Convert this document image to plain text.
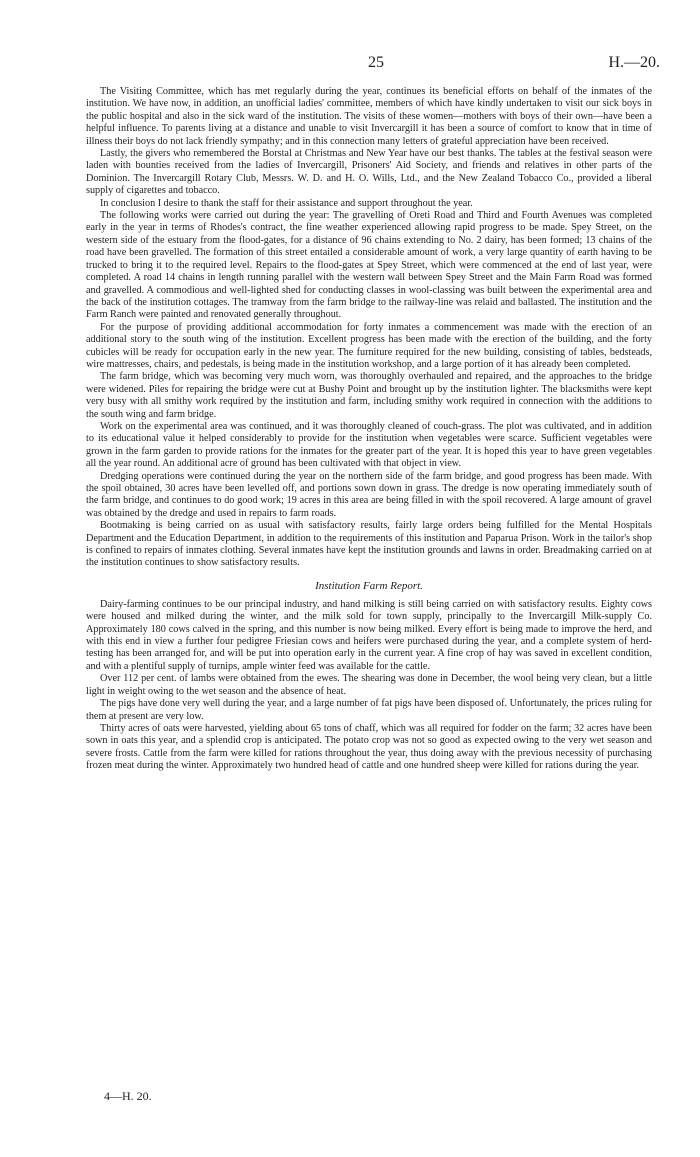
25	H.—20.

The Visiting Committee, which has met regularly during the year, continues its beneficial efforts on behalf of the inmates of the institution. We have now, in addition, an unofficial ladies' committee, members of which have kindly undertaken to visit our sick boys in the public hospital and also in the sick ward of the institution. The visits of these women—mothers with boys of their own—have been a helpful influence. To parents living at a distance and unable to visit Invercargill it has been a source of comfort to know that in time of illness their boys do not lack friendly sympathy; and in this connection many letters of grateful appreciation have been received.

Lastly, the givers who remembered the Borstal at Christmas and New Year have our best thanks. The tables at the festival season were laden with bounties received from the ladies of Invercargill, Prisoners' Aid Society, and friends and relatives in other parts of the Dominion. The Invercargill Rotary Club, Messrs. W. D. and H. O. Wills, Ltd., and the New Zealand Tobacco Co., provided a liberal supply of cigarettes and tobacco.

In conclusion I desire to thank the staff for their assistance and support throughout the year.

The following works were carried out during the year: The gravelling of Oreti Road and Third and Fourth Avenues was completed early in the year in terms of Rhodes's contract, the fine weather experienced allowing rapid progress to be made. Spey Street, on the western side of the estuary from the flood-gates, for a distance of 96 chains extending to No. 2 dairy, has been formed; 13 chains of the road have been gravelled. The formation of this street entailed a considerable amount of work, a very large quantity of earth having to be trucked to bring it to the required level. Repairs to the flood-gates at Spey Street, which were commenced at the end of last year, were completed. A road 14 chains in length running parallel with the western wall between Spey Street and the Main Farm Road was formed and gravelled. A commodious and well-lighted shed for conducting classes in wool-classing was built between the experimental area and the back of the institution cottages. The tramway from the farm bridge to the railway-line was relaid and ballasted. The institution and the Farm Ranch were painted and renovated generally throughout.

For the purpose of providing additional accommodation for forty inmates a commencement was made with the erection of an additional story to the south wing of the institution. Excellent progress has been made with the erection of the building, and the forty cubicles will be ready for occupation early in the new year. The furniture required for the new building, consisting of tables, bedsteads, wire mattresses, chairs, and pedestals, is being made in the institution workshop, and a large portion of it has already been completed.

The farm bridge, which was becoming very much worn, was thoroughly overhauled and repaired, and the approaches to the bridge were widened. Piles for repairing the bridge were cut at Bushy Point and brought up by the institution lighter. The blacksmiths were kept very busy with all smithy work required by the institution and farm, including smithy work required in connection with the additions to the south wing and farm bridge.

Work on the experimental area was continued, and it was thoroughly cleaned of couch-grass. The plot was cultivated, and in addition to its educational value it helped considerably to provide for the institution when vegetables were scarce. Sufficient vegetables were grown in the farm garden to provide rations for the inmates for the greater part of the year. It is hoped this year to have green vegetables all the year round. An additional acre of ground has been cultivated with that object in view.

Dredging operations were continued during the year on the northern side of the farm bridge, and good progress has been made. With the spoil obtained, 30 acres have been levelled off, and portions sown down in grass. The dredge is now operating immediately south of the farm bridge, and continues to do good work; 19 acres in this area are being filled in with the spoil recovered. A large amount of gravel was obtained by the dredge and used in repairs to farm roads.

Bootmaking is being carried on as usual with satisfactory results, fairly large orders being fulfilled for the Mental Hospitals Department and the Education Department, in addition to the requirements of this institution and Paparua Prison. Work in the tailor's shop is confined to repairs of inmates clothing. Several inmates have kept the institution grounds and lawns in order. Breadmaking carried on at the institution continues to show satisfactory results.

Institution Farm Report.

Dairy-farming continues to be our principal industry, and hand milking is still being carried on with satisfactory results. Eighty cows were housed and milked during the winter, and the milk sold for town supply, principally to the Invercargill Milk-supply Co. Approximately 180 cows calved in the spring, and this number is now being milked. Every effort is being made to improve the herd, and with this end in view a further four pedigree Friesian cows and heifers were purchased during the year, and a complete system of herd-testing has been arranged for, and will be put into operation early in the current year. A fine crop of hay was saved in excellent condition, and with a plentiful supply of turnips, ample winter feed was available for the cattle.

Over 112 per cent. of lambs were obtained from the ewes. The shearing was done in December, the wool being very clean, but a little light in weight owing to the wet season and the absence of heat.

The pigs have done very well during the year, and a large number of fat pigs have been disposed of. Unfortunately, the prices ruling for them at present are very low.

Thirty acres of oats were harvested, yielding about 65 tons of chaff, which was all required for fodder on the farm; 32 acres have been sown in oats this year, and a splendid crop is anticipated. The potato crop was not so good as expected owing to the very wet season and severe frosts. Cattle from the farm were killed for rations throughout the year, thus doing away with the previous necessity of purchasing frozen meat during the winter. Approximately two hundred head of cattle and one hundred sheep were killed for rations during the year.

4—H. 20.
